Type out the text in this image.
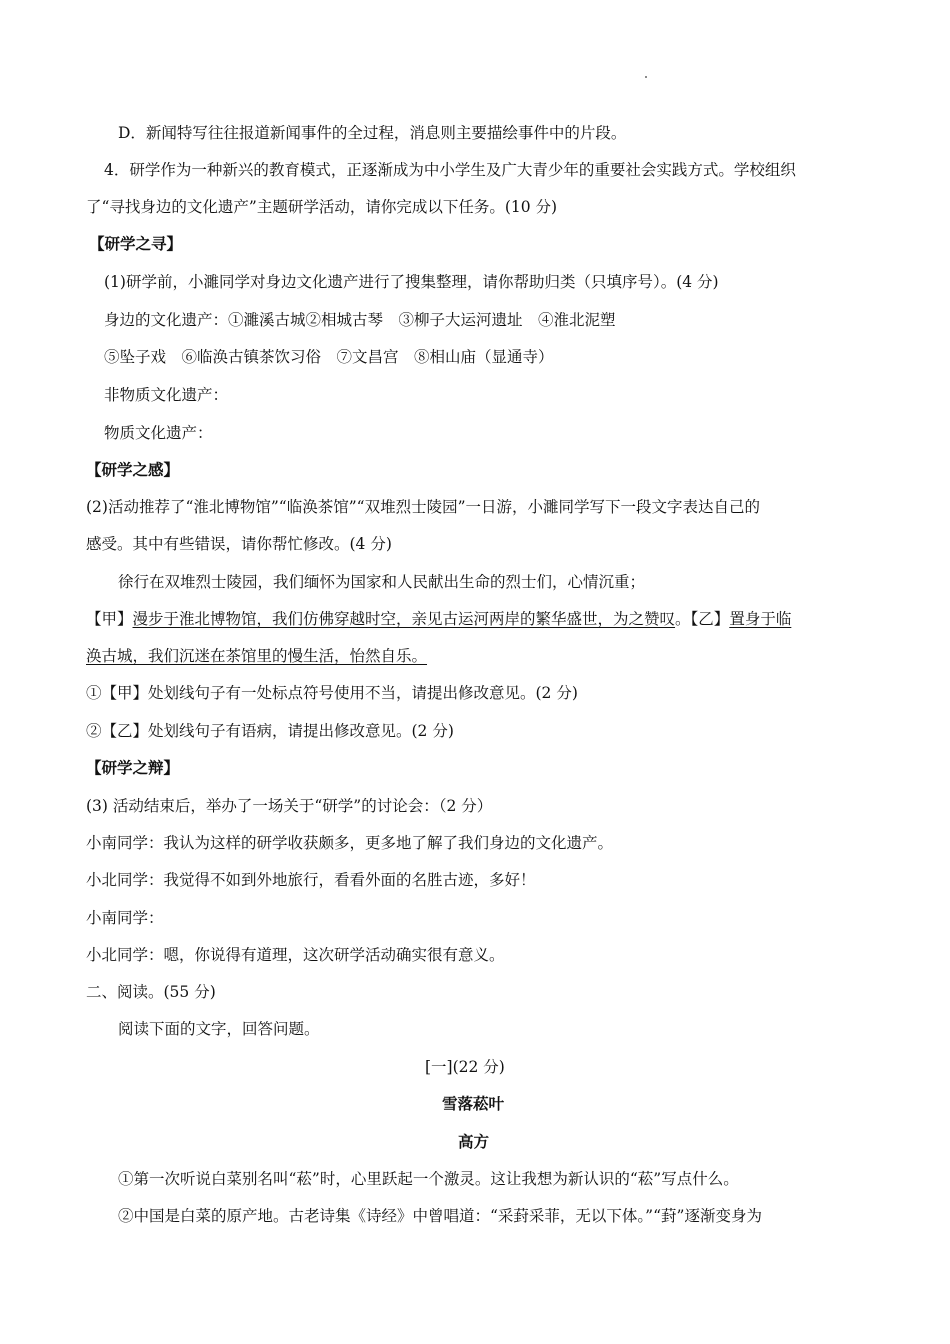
D．新闻特写往往报道新闻事件的全过程，消息则主要描绘事件中的片段。
4．研学作为一种新兴的教育模式，正逐渐成为中小学生及广大青少年的重要社会实践方式。学校组织
了“寻找身边的文化遗产”主题研学活动，请你完成以下任务。(10 分)
【研学之寻】
(1)研学前，小濉同学对身边文化遗产进行了搜集整理，请你帮助归类（只填序号）。(4 分)
身边的文化遗产：①濉溪古城②相城古琴　③柳子大运河遗址　④淮北泥塑
⑤坠子戏　⑥临涣古镇茶饮习俗　⑦文昌宫　⑧相山庙（显通寺）
非物质文化遗产：
物质文化遗产：
【研学之感】
(2)活动推荐了“淮北博物馆”“临涣茶馆”“双堆烈士陵园”一日游，小濉同学写下一段文字表达自己的
感受。其中有些错误，请你帮忙修改。(4 分)
徐行在双堆烈士陵园，我们缅怀为国家和人民献出生命的烈士们，心情沉重；
【甲】漫步于淮北博物馆，我们仿佛穿越时空，亲见古运河两岸的繁华盛世，为之赞叹。【乙】置身于临
涣古城，我们沉迷在茶馆里的慢生活，怡然自乐。
①【甲】处划线句子有一处标点符号使用不当，请提出修改意见。(2 分)
②【乙】处划线句子有语病，请提出修改意见。(2 分)
【研学之辩】
(3) 活动结束后，举办了一场关于“研学”的讨论会：（2 分）
小南同学：我认为这样的研学收获颇多，更多地了解了我们身边的文化遗产。
小北同学：我觉得不如到外地旅行，看看外面的名胜古迹，多好！
小南同学：
小北同学：嗯，你说得有道理，这次研学活动确实很有意义。
二、阅读。(55 分)
阅读下面的文字，回答问题。
[一](22 分)
雪落菘叶
高方
①第一次听说白菜别名叫“菘”时，心里跃起一个激灵。这让我想为新认识的“菘”写点什么。
②中国是白菜的原产地。古老诗集《诗经》中曾唱道：“采葑采菲，无以下体。”“葑”逐渐变身为
